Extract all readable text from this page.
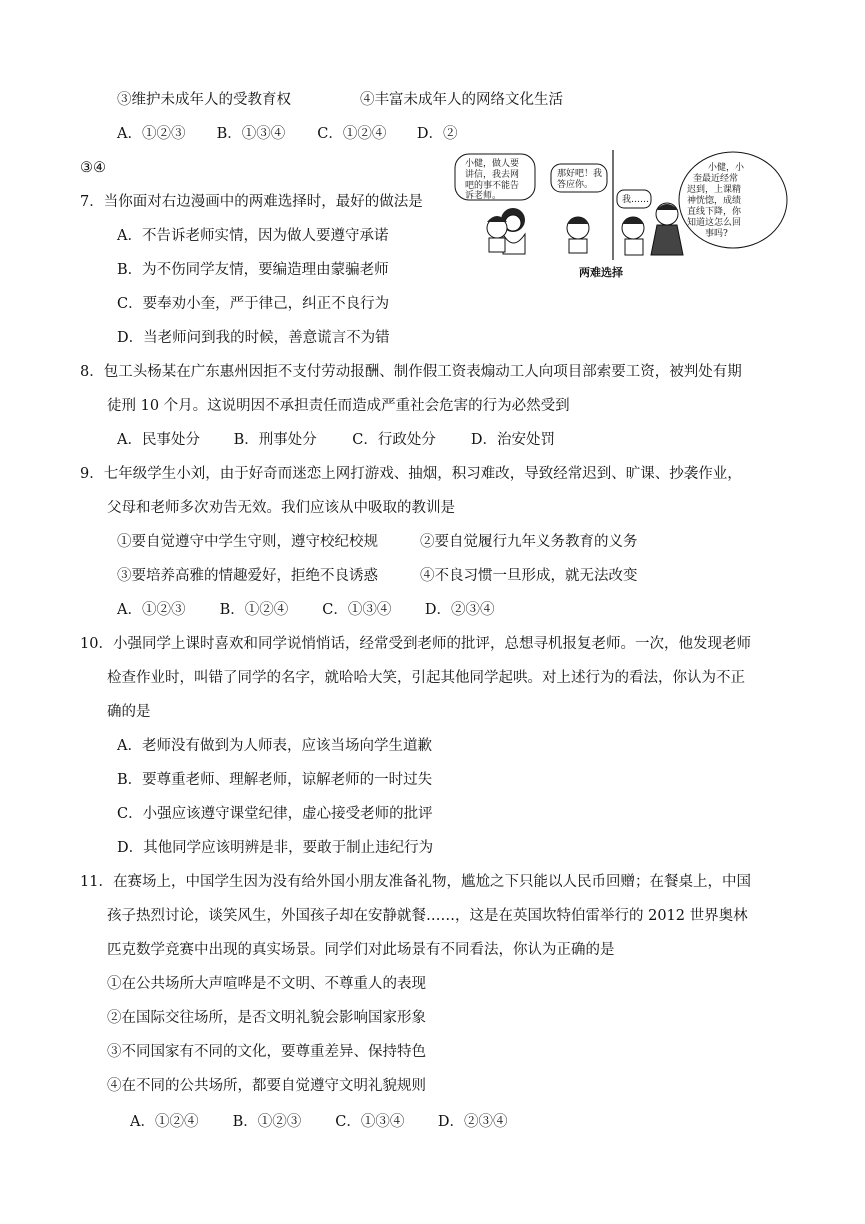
③维护未成年人的受教育权	④丰富未成年人的网络文化生活
A．①②③ B．①③④ C．①②④ D．②
③④
7．当你面对右边漫画中的两难选择时，最好的做法是
A．不告诉老师实情，因为做人要遵守承诺
B．为不伤同学友情，要编造理由蒙骗老师
C．要奉劝小奎，严于律己，纠正不良行为
D．当老师问到我的时候，善意谎言不为错
小健，做人要
讲信，我去网
吧的事不能告
诉老师。
那好吧！我
答应你。
我……
小健，小
奎最近经常
迟到，上课精
神恍惚，成绩
直线下降，你
知道这怎么回
事吗?
两难选择
8．包工头杨某在广东惠州因拒不支付劳动报酬、制作假工资表煽动工人向项目部索要工资，被判处有期
徒刑 10 个月。这说明因不承担责任而造成严重社会危害的行为必然受到
A．民事处分 B．刑事处分 C．行政处分 D．治安处罚
9．七年级学生小刘，由于好奇而迷恋上网打游戏、抽烟，积习难改，导致经常迟到、旷课、抄袭作业，
父母和老师多次劝告无效。我们应该从中吸取的教训是
①要自觉遵守中学生守则，遵守校纪校规	②要自觉履行九年义务教育的义务
③要培养高雅的情趣爱好，拒绝不良诱惑	④不良习惯一旦形成，就无法改变
A．①②③ B．①②④ C．①③④ D．②③④
10．小强同学上课时喜欢和同学说悄悄话，经常受到老师的批评，总想寻机报复老师。一次，他发现老师
检查作业时，叫错了同学的名字，就哈哈大笑，引起其他同学起哄。对上述行为的看法，你认为不正
确的是
A．老师没有做到为人师表，应该当场向学生道歉
B．要尊重老师、理解老师，谅解老师的一时过失
C．小强应该遵守课堂纪律，虚心接受老师的批评
D．其他同学应该明辨是非，要敢于制止违纪行为
11．在赛场上，中国学生因为没有给外国小朋友准备礼物，尴尬之下只能以人民币回赠；在餐桌上，中国
孩子热烈讨论，谈笑风生，外国孩子却在安静就餐……，这是在英国坎特伯雷举行的 2012 世界奥林
匹克数学竞赛中出现的真实场景。同学们对此场景有不同看法，你认为正确的是
①在公共场所大声喧哗是不文明、不尊重人的表现
②在国际交往场所，是否文明礼貌会影响国家形象
③不同国家有不同的文化，要尊重差异、保持特色
④在不同的公共场所，都要自觉遵守文明礼貌规则
A．①②④ B．①②③ C．①③④ D．②③④
